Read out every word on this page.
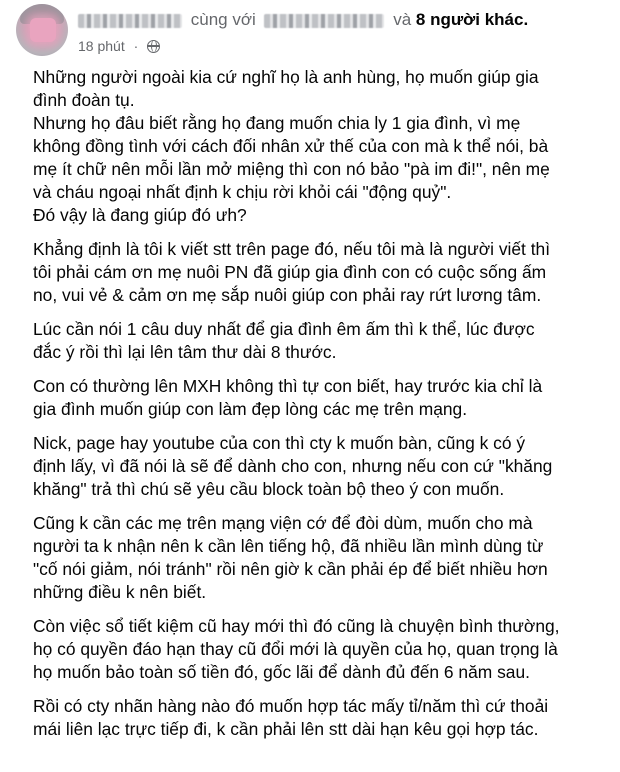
cùng với	và 8 người khác.
18 phút ·
Những người ngoài kia cứ nghĩ họ là anh hùng, họ muốn giúp gia
đình đoàn tụ.
Nhưng họ đâu biết rằng họ đang muốn chia ly 1 gia đình, vì mẹ
không đồng tình với cách đối nhân xử thế của con mà k thể nói, bà
mẹ ít chữ nên mỗi lần mở miệng thì con nó bảo "pà im đi!", nên mẹ
và cháu ngoại nhất định k chịu rời khỏi cái "động quỷ".
Đó vậy là đang giúp đó ưh?
Khẳng định là tôi k viết stt trên page đó, nếu tôi mà là người viết thì
tôi phải cám ơn mẹ nuôi PN đã giúp gia đình con có cuộc sống ấm
no, vui vẻ & cảm ơn mẹ sắp nuôi giúp con phải ray rứt lương tâm.
Lúc cần nói 1 câu duy nhất để gia đình êm ấm thì k thể, lúc được
đắc ý rồi thì lại lên tâm thư dài 8 thước.
Con có thường lên MXH không thì tự con biết, hay trước kia chỉ là
gia đình muốn giúp con làm đẹp lòng các mẹ trên mạng.
Nick, page hay youtube của con thì cty k muốn bàn, cũng k có ý
định lấy, vì đã nói là sẽ để dành cho con, nhưng nếu con cứ "khăng
khăng" trả thì chú sẽ yêu cầu block toàn bộ theo ý con muốn.
Cũng k cần các mẹ trên mạng viện cớ để đòi dùm, muốn cho mà
người ta k nhận nên k cần lên tiếng hộ, đã nhiều lần mình dùng từ
"cố nói giảm, nói tránh" rồi nên giờ k cần phải ép để biết nhiều hơn
những điều k nên biết.
Còn việc sổ tiết kiệm cũ hay mới thì đó cũng là chuyện bình thường,
họ có quyền đáo hạn thay cũ đổi mới là quyền của họ, quan trọng là
họ muốn bảo toàn số tiền đó, gốc lãi để dành đủ đến 6 năm sau.
Rồi có cty nhãn hàng nào đó muốn hợp tác mấy tỉ/năm thì cứ thoải
mái liên lạc trực tiếp đi, k cần phải lên stt dài hạn kêu gọi hợp tác.
